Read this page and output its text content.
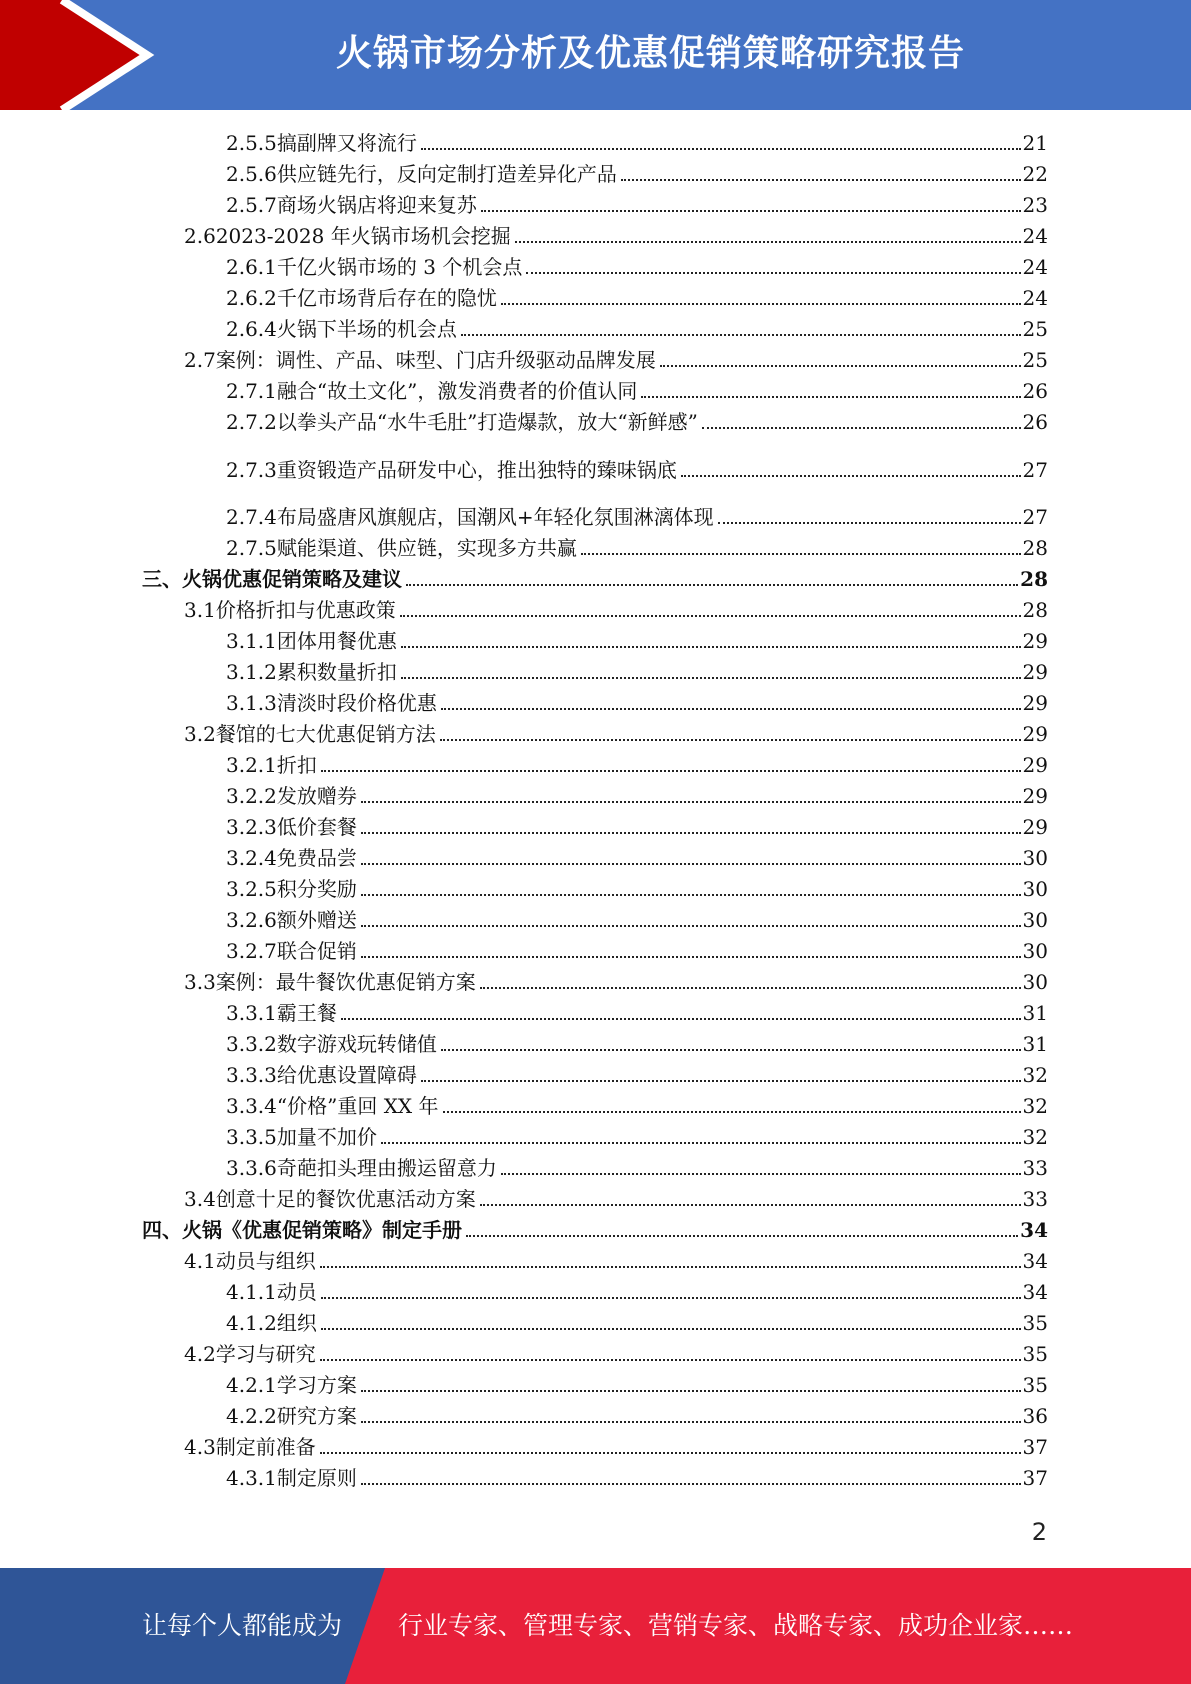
火锅市场分析及优惠促销策略研究报告
2.5.5 搞副牌又将流行	21
2.5.6 供应链先行，反向定制打造差异化产品	22
2.5.7 商场火锅店将迎来复苏	23
2.6 2023-2028 年火锅市场机会挖掘	24
2.6.1 千亿火锅市场的 3 个机会点	24
2.6.2 千亿市场背后存在的隐忧	24
2.6.4 火锅下半场的机会点	25
2.7 案例：调性、产品、味型、门店升级驱动品牌发展	25
2.7.1 融合“故土文化”，激发消费者的价值认同	26
2.7.2 以拳头产品“水牛毛肚”打造爆款，放大“新鲜感”	26
2.7.3 重资锻造产品研发中心，推出独特的臻味锅底	27
2.7.4 布局盛唐风旗舰店，国潮风+年轻化氛围淋漓体现	27
2.7.5 赋能渠道、供应链，实现多方共赢	28
三、 火锅优惠促销策略及建议	28
3.1 价格折扣与优惠政策	28
3.1.1 团体用餐优惠	29
3.1.2 累积数量折扣	29
3.1.3 清淡时段价格优惠	29
3.2 餐馆的七大优惠促销方法	29
3.2.1 折扣	29
3.2.2 发放赠券	29
3.2.3 低价套餐	29
3.2.4 免费品尝	30
3.2.5 积分奖励	30
3.2.6 额外赠送	30
3.2.7 联合促销	30
3.3 案例：最牛餐饮优惠促销方案	30
3.3.1 霸王餐	31
3.3.2 数字游戏玩转储值	31
3.3.3 给优惠设置障碍	32
3.3.4 “价格”重回 XX 年	32
3.3.5 加量不加价	32
3.3.6 奇葩扣头理由搬运留意力	33
3.4 创意十足的餐饮优惠活动方案	33
四、 火锅《优惠促销策略》制定手册	34
4.1 动员与组织	34
4.1.1 动员	34
4.1.2 组织	35
4.2 学习与研究	35
4.2.1 学习方案	35
4.2.2 研究方案	36
4.3 制定前准备	37
4.3.1 制定原则	37
2
让每个人都能成为 行业专家、管理专家、营销专家、战略专家、成功企业家……
